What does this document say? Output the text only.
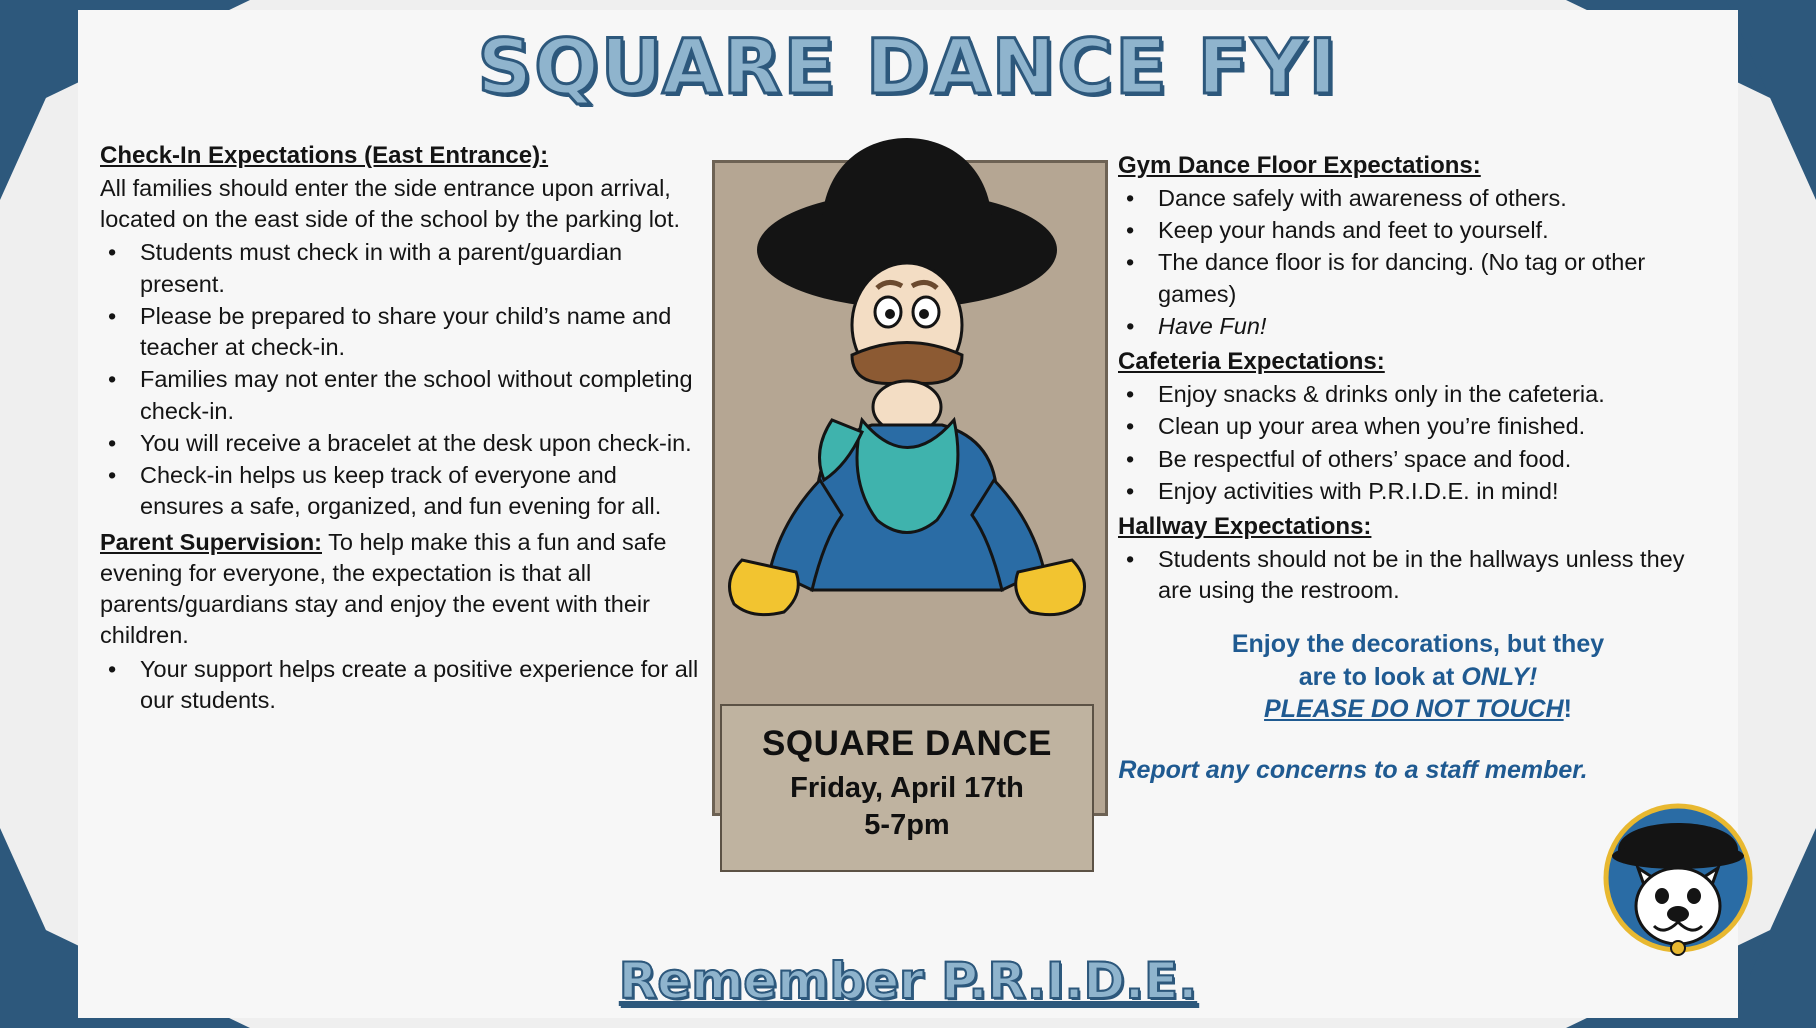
SQUARE DANCE FYI
Check-In Expectations (East Entrance):
All families should enter the side entrance upon arrival, located on the east side of the school by the parking lot.
• Students must check in with a parent/guardian present.
• Please be prepared to share your child’s name and teacher at check-in.
• Families may not enter the school without completing check-in.
• You will receive a bracelet at the desk upon check-in.
• Check-in helps us keep track of everyone and ensures a safe, organized, and fun evening for all.
Parent Supervision: To help make this a fun and safe evening for everyone, the expectation is that all parents/guardians stay and enjoy the event with their children.
• Your support helps create a positive experience for all our students.
SQUARE DANCE
Friday, April 17th
5-7pm
Gym Dance Floor Expectations:
• Dance safely with awareness of others.
• Keep your hands and feet to yourself.
• The dance floor is for dancing. (No tag or other games)
• Have Fun!
Cafeteria Expectations:
• Enjoy snacks & drinks only in the cafeteria.
• Clean up your area when you’re finished.
• Be respectful of others’ space and food.
• Enjoy activities with P.R.I.D.E. in mind!
Hallway Expectations:
• Students should not be in the hallways unless they are using the restroom.
Enjoy the decorations, but they
are to look at ONLY!
PLEASE DO NOT TOUCH!
Report any concerns to a staff member.
Remember P.R.I.D.E.
